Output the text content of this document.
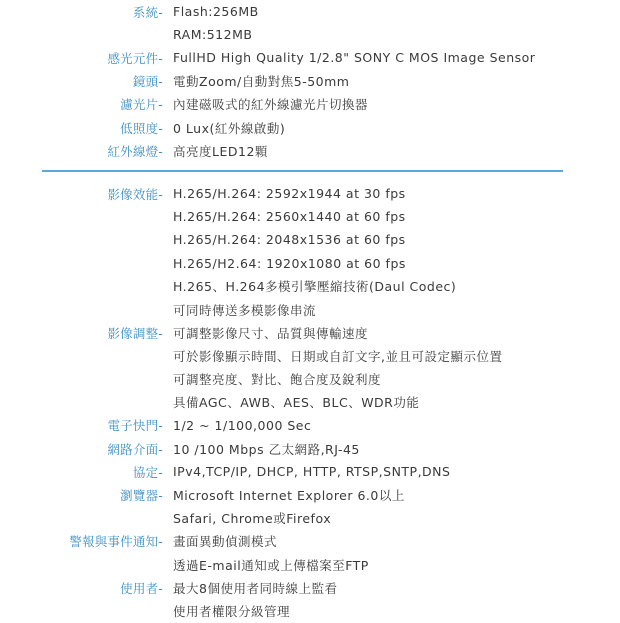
系統- Flash:256MB
RAM:512MB
感光元件- FullHD High Quality 1/2.8" SONY C MOS Image Sensor
鏡頭- 電動Zoom/自動對焦5-50mm
濾光片- 內建磁吸式的紅外線濾光片切換器
低照度- 0 Lux(紅外線啟動)
紅外線燈- 高亮度LED12顆
影像效能- H.265/H.264: 2592x1944 at 30 fps
H.265/H.264: 2560x1440 at 60 fps
H.265/H.264: 2048x1536 at 60 fps
H.265/H2.64: 1920x1080 at 60 fps
H.265、H.264多模引擎壓縮技術(Daul Codec)
可同時傳送多模影像串流
影像調整- 可調整影像尺寸、品質與傳輸速度
可於影像顯示時間、日期或自訂文字,並且可設定顯示位置
可調整亮度、對比、飽合度及銳利度
具備AGC、AWB、AES、BLC、WDR功能
電子快門- 1/2 ~ 1/100,000 Sec
網路介面- 10 /100 Mbps 乙太網路,RJ-45
協定- IPv4,TCP/IP, DHCP, HTTP, RTSP,SNTP,DNS
瀏覽器- Microsoft Internet Explorer 6.0以上
Safari, Chrome或Firefox
警報與事件通知- 畫面異動偵測模式
透過E-mail通知或上傳檔案至FTP
使用者- 最大8個使用者同時線上監看
使用者權限分級管理
